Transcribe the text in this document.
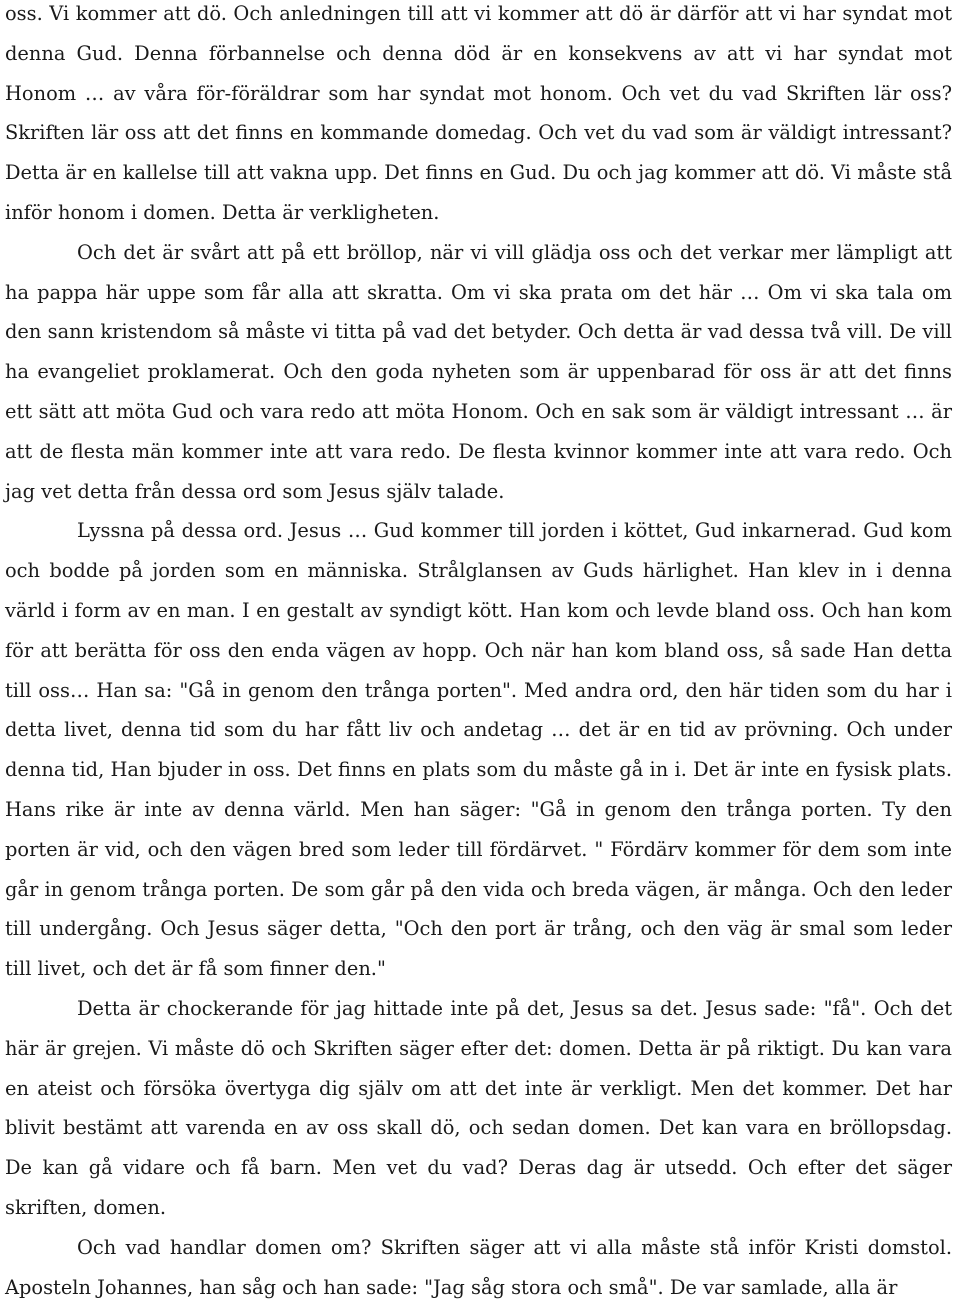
oss. Vi kommer att dö. Och anledningen till att vi kommer att dö är därför att vi har syndat mot denna Gud. Denna förbannelse och denna död är en konsekvens av att vi har syndat mot Honom … av våra för-föräldrar som har syndat mot honom. Och vet du vad Skriften lär oss? Skriften lär oss att det finns en kommande domedag. Och vet du vad som är väldigt intressant? Detta är en kallelse till att vakna upp. Det finns en Gud. Du och jag kommer att dö. Vi måste stå inför honom i domen. Detta är verkligheten.

Och det är svårt att på ett bröllop, när vi vill glädja oss och det verkar mer lämpligt att ha pappa här uppe som får alla att skratta. Om vi ska prata om det här … Om vi ska tala om den sann kristendom så måste vi titta på vad det betyder. Och detta är vad dessa två vill. De vill ha evangeliet proklamerat. Och den goda nyheten som är uppenbarad för oss är att det finns ett sätt att möta Gud och vara redo att möta Honom. Och en sak som är väldigt intressant … är att de flesta män kommer inte att vara redo. De flesta kvinnor kommer inte att vara redo. Och jag vet detta från dessa ord som Jesus själv talade.

Lyssna på dessa ord. Jesus … Gud kommer till jorden i köttet, Gud inkarnerad. Gud kom och bodde på jorden som en människa. Strålglansen av Guds härlighet. Han klev in i denna värld i form av en man. I en gestalt av syndigt kött. Han kom och levde bland oss. Och han kom för att berätta för oss den enda vägen av hopp. Och när han kom bland oss, så sade Han detta till oss… Han sa: "Gå in genom den trånga porten". Med andra ord, den här tiden som du har i detta livet, denna tid som du har fått liv och andetag … det är en tid av prövning. Och under denna tid, Han bjuder in oss. Det finns en plats som du måste gå in i. Det är inte en fysisk plats. Hans rike är inte av denna värld. Men han säger: "Gå in genom den trånga porten. Ty den porten är vid, och den vägen bred som leder till fördärvet. " Fördärv kommer för dem som inte går in genom trånga porten. De som går på den vida och breda vägen, är många. Och den leder till undergång. Och Jesus säger detta, "Och den port är trång, och den väg är smal som leder till livet, och det är få som finner den."

Detta är chockerande för jag hittade inte på det, Jesus sa det. Jesus sade: "få". Och det här är grejen. Vi måste dö och Skriften säger efter det: domen. Detta är på riktigt. Du kan vara en ateist och försöka övertyga dig själv om att det inte är verkligt. Men det kommer. Det har blivit bestämt att varenda en av oss skall dö, och sedan domen. Det kan vara en bröllopsdag. De kan gå vidare och få barn. Men vet du vad? Deras dag är utsedd. Och efter det säger skriften, domen.

Och vad handlar domen om? Skriften säger att vi alla måste stå inför Kristi domstol. Aposteln Johannes, han såg och han sade: "Jag såg stora och små". De var samlade, alla är
